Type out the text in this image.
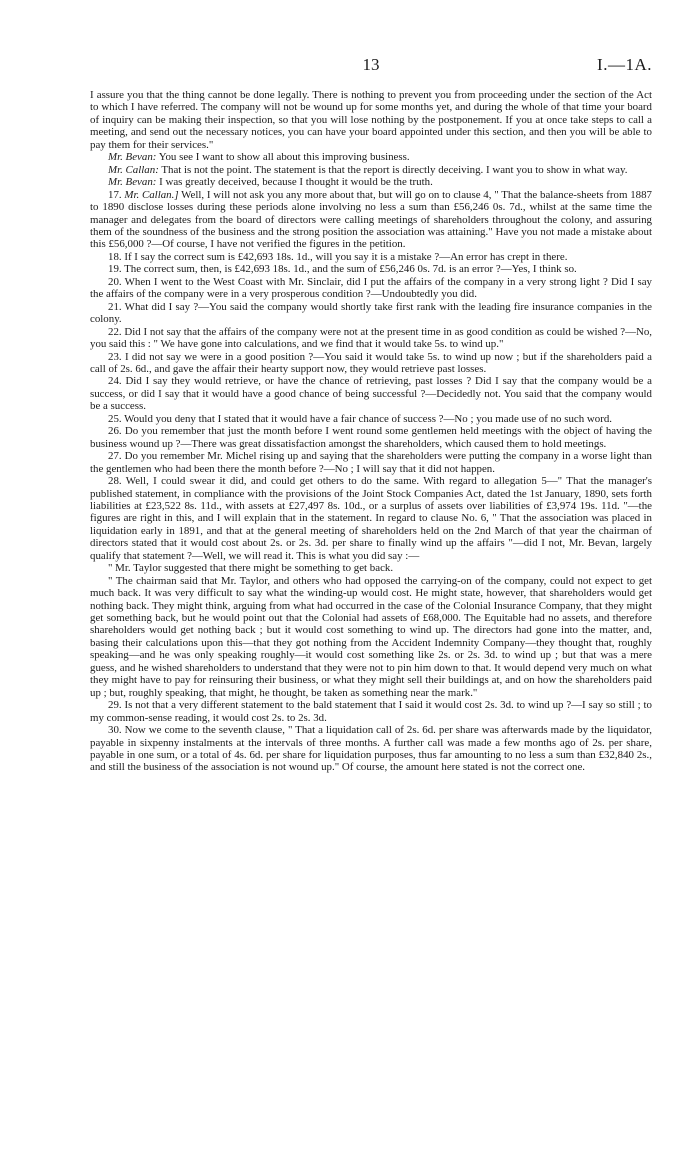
13	I.—1A.

I assure you that the thing cannot be done legally. There is nothing to prevent you from proceeding under the section of the Act to which I have referred. The company will not be wound up for some months yet, and during the whole of that time your board of inquiry can be making their inspection, so that you will lose nothing by the postponement. If you at once take steps to call a meeting, and send out the necessary notices, you can have your board appointed under this section, and then you will be able to pay them for their services."

Mr. Bevan: You see I want to show all about this improving business.

Mr. Callan: That is not the point. The statement is that the report is directly deceiving. I want you to show in what way.

Mr. Bevan: I was greatly deceived, because I thought it would be the truth.

17. Mr. Callan.] Well, I will not ask you any more about that, but will go on to clause 4, " That the balance-sheets from 1887 to 1890 disclose losses during these periods alone involving no less a sum than £56,246 0s. 7d., whilst at the same time the manager and delegates from the board of directors were calling meetings of shareholders throughout the colony, and assuring them of the soundness of the business and the strong position the association was attaining." Have you not made a mistake about this £56,000 ?—Of course, I have not verified the figures in the petition.

18. If I say the correct sum is £42,693 18s. 1d., will you say it is a mistake ?—An error has crept in there.

19. The correct sum, then, is £42,693 18s. 1d., and the sum of £56,246 0s. 7d. is an error ?—Yes, I think so.

20. When I went to the West Coast with Mr. Sinclair, did I put the affairs of the company in a very strong light ? Did I say the affairs of the company were in a very prosperous condition ?—Undoubtedly you did.

21. What did I say ?—You said the company would shortly take first rank with the leading fire insurance companies in the colony.

22. Did I not say that the affairs of the company were not at the present time in as good condition as could be wished ?—No, you said this : " We have gone into calculations, and we find that it would take 5s. to wind up."

23. I did not say we were in a good position ?—You said it would take 5s. to wind up now ; but if the shareholders paid a call of 2s. 6d., and gave the affair their hearty support now, they would retrieve past losses.

24. Did I say they would retrieve, or have the chance of retrieving, past losses ? Did I say that the company would be a success, or did I say that it would have a good chance of being successful ?—Decidedly not. You said that the company would be a success.

25. Would you deny that I stated that it would have a fair chance of success ?—No ; you made use of no such word.

26. Do you remember that just the month before I went round some gentlemen held meetings with the object of having the business wound up ?—There was great dissatisfaction amongst the shareholders, which caused them to hold meetings.

27. Do you remember Mr. Michel rising up and saying that the shareholders were putting the company in a worse light than the gentlemen who had been there the month before ?—No ; I will say that it did not happen.

28. Well, I could swear it did, and could get others to do the same. With regard to allegation 5—" That the manager's published statement, in compliance with the provisions of the Joint Stock Companies Act, dated the 1st January, 1890, sets forth liabilities at £23,522 8s. 11d., with assets at £27,497 8s. 10d., or a surplus of assets over liabilities of £3,974 19s. 11d. "—the figures are right in this, and I will explain that in the statement. In regard to clause No. 6, " That the association was placed in liquidation early in 1891, and that at the general meeting of shareholders held on the 2nd March of that year the chairman of directors stated that it would cost about 2s. or 2s. 3d. per share to finally wind up the affairs "—did I not, Mr. Bevan, largely qualify that statement ?—Well, we will read it. This is what you did say :—

" Mr. Taylor suggested that there might be something to get back.

" The chairman said that Mr. Taylor, and others who had opposed the carrying-on of the company, could not expect to get much back. It was very difficult to say what the winding-up would cost. He might state, however, that shareholders would get nothing back. They might think, arguing from what had occurred in the case of the Colonial Insurance Company, that they might get something back, but he would point out that the Colonial had assets of £68,000. The Equitable had no assets, and therefore shareholders would get nothing back ; but it would cost something to wind up. The directors had gone into the matter, and, basing their calculations upon this—that they got nothing from the Accident Indemnity Company—they thought that, roughly speaking—and he was only speaking roughly—it would cost something like 2s. or 2s. 3d. to wind up ; but that was a mere guess, and he wished shareholders to understand that they were not to pin him down to that. It would depend very much on what they might have to pay for reinsuring their business, or what they might sell their buildings at, and on how the shareholders paid up ; but, roughly speaking, that might, he thought, be taken as something near the mark."

29. Is not that a very different statement to the bald statement that I said it would cost 2s. 3d. to wind up ?—I say so still ; to my common-sense reading, it would cost 2s. to 2s. 3d.

30. Now we come to the seventh clause, " That a liquidation call of 2s. 6d. per share was afterwards made by the liquidator, payable in sixpenny instalments at the intervals of three months. A further call was made a few months ago of 2s. per share, payable in one sum, or a total of 4s. 6d. per share for liquidation purposes, thus far amounting to no less a sum than £32,840 2s., and still the business of the association is not wound up." Of course, the amount here stated is not the correct one.
